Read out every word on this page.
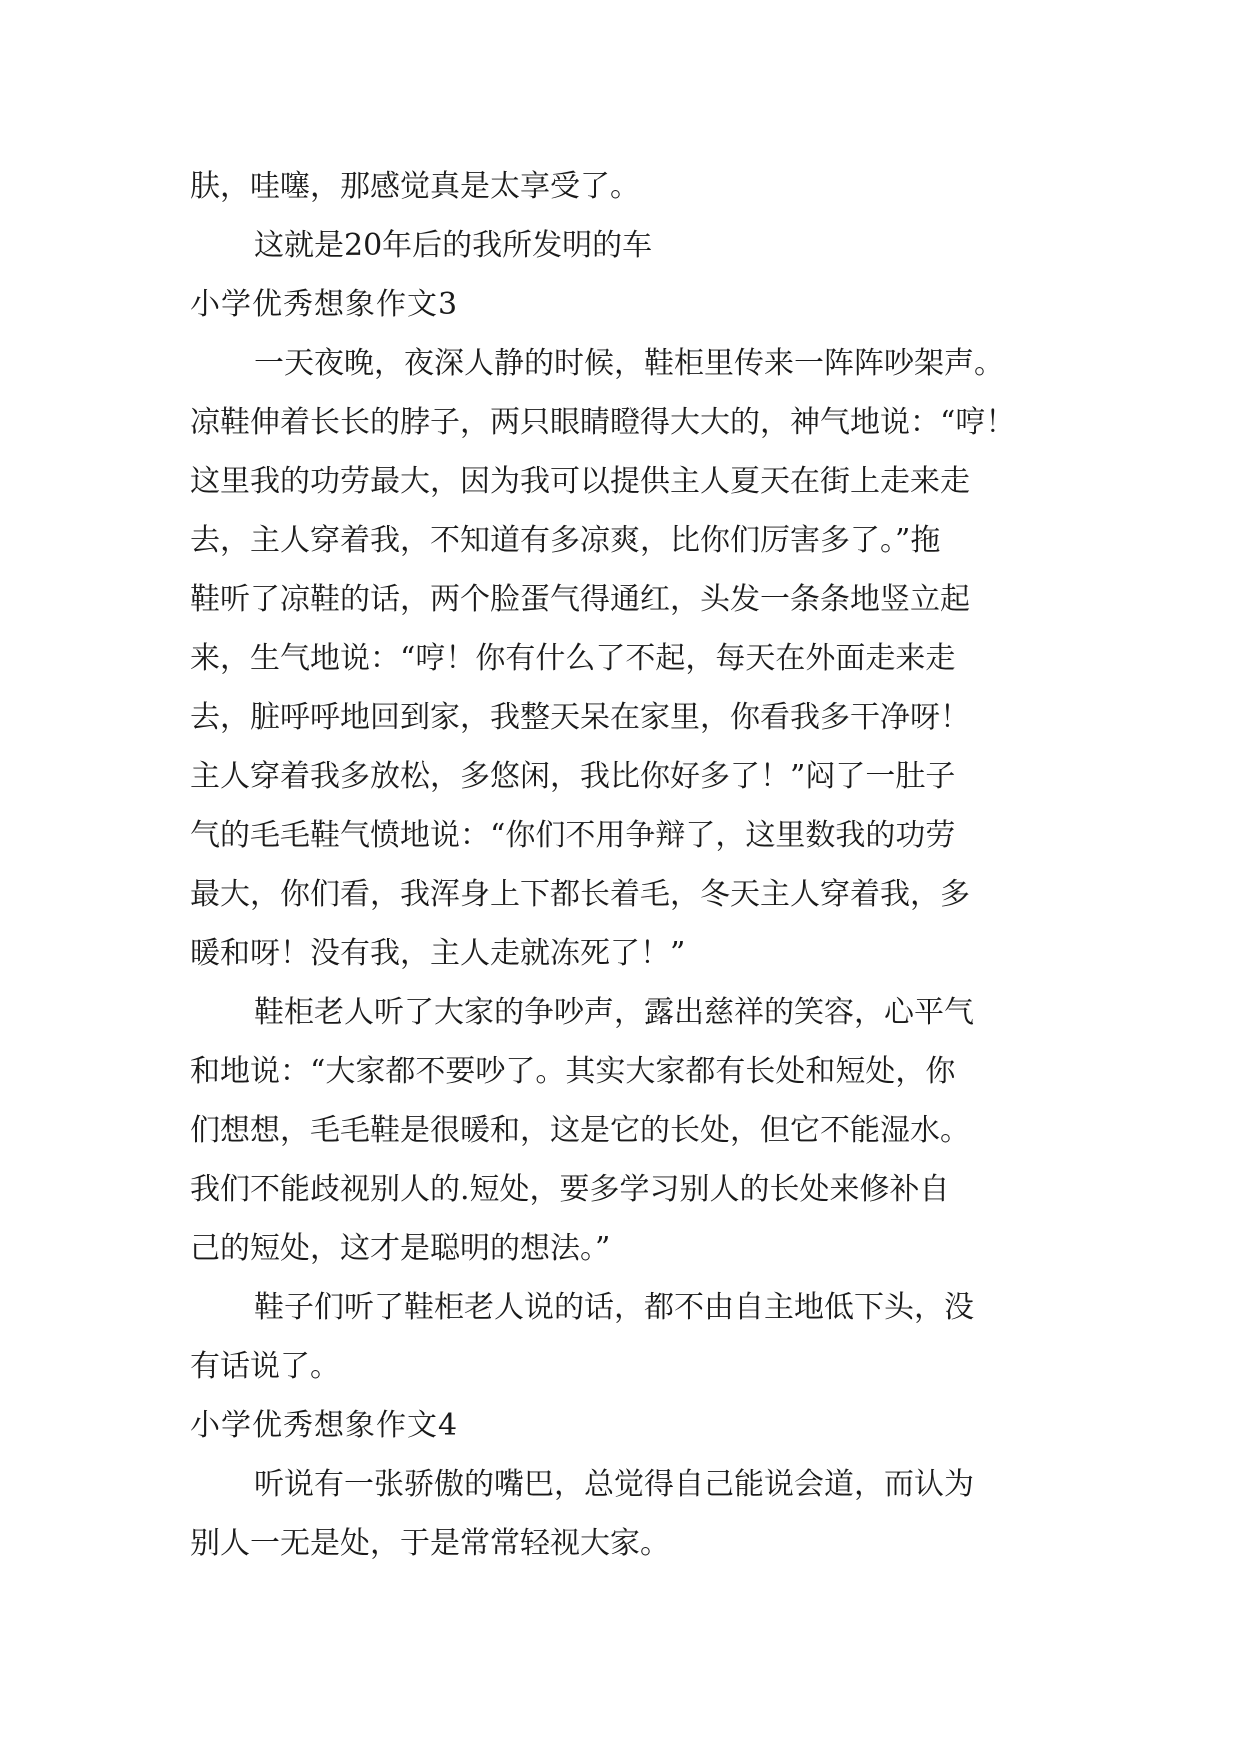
肤，哇噻，那感觉真是太享受了。
这就是20年后的我所发明的车
小学优秀想象作文3
一天夜晚，夜深人静的时候，鞋柜里传来一阵阵吵架声。
凉鞋伸着长长的脖子，两只眼睛瞪得大大的，神气地说：“哼！
这里我的功劳最大，因为我可以提供主人夏天在街上走来走
去，主人穿着我，不知道有多凉爽，比你们厉害多了。”拖
鞋听了凉鞋的话，两个脸蛋气得通红，头发一条条地竖立起
来，生气地说：“哼！你有什么了不起，每天在外面走来走
去，脏呼呼地回到家，我整天呆在家里，你看我多干净呀！
主人穿着我多放松，多悠闲，我比你好多了！”闷了一肚子
气的毛毛鞋气愤地说：“你们不用争辩了，这里数我的功劳
最大，你们看，我浑身上下都长着毛，冬天主人穿着我，多
暖和呀！没有我，主人走就冻死了！”
鞋柜老人听了大家的争吵声，露出慈祥的笑容，心平气
和地说：“大家都不要吵了。其实大家都有长处和短处，你
们想想，毛毛鞋是很暖和，这是它的长处，但它不能湿水。
我们不能歧视别人的.短处，要多学习别人的长处来修补自
己的短处，这才是聪明的想法。”
鞋子们听了鞋柜老人说的话，都不由自主地低下头，没
有话说了。
小学优秀想象作文4
听说有一张骄傲的嘴巴，总觉得自己能说会道，而认为
别人一无是处，于是常常轻视大家。
